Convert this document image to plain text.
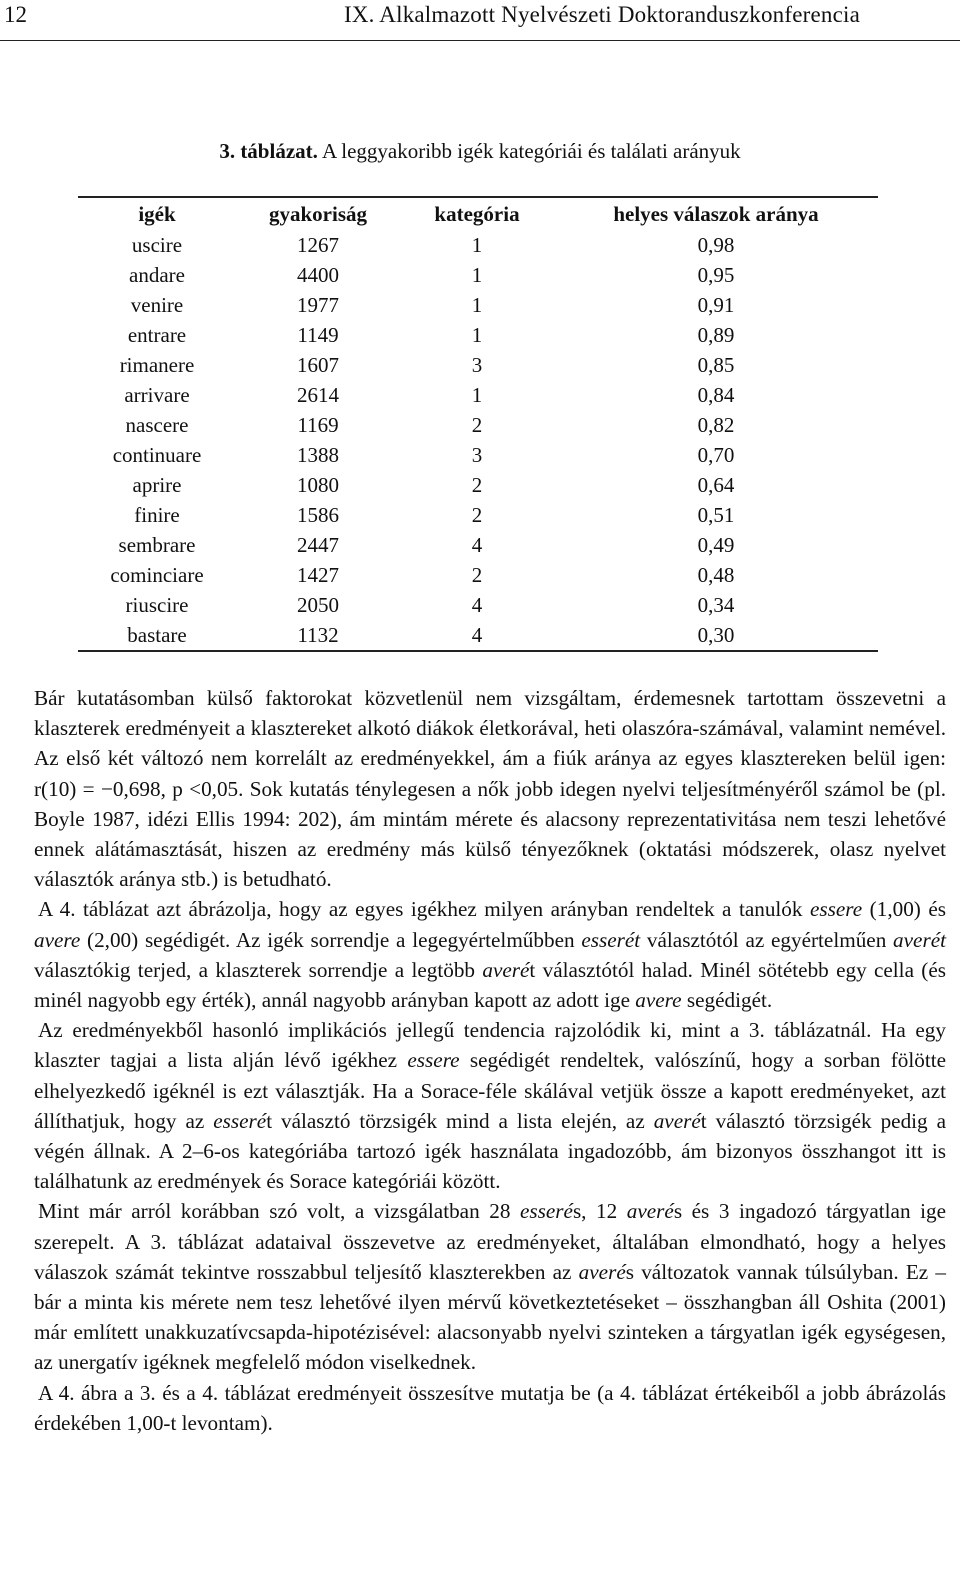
12	IX. Alkalmazott Nyelvészeti Doktoranduszkonferencia
3. táblázat. A leggyakoribb igék kategóriái és találati arányuk
igék	gyakoriság	kategória	helyes válaszok aránya
uscire	1267	1	0,98
andare	4400	1	0,95
venire	1977	1	0,91
entrare	1149	1	0,89
rimanere	1607	3	0,85
arrivare	2614	1	0,84
nascere	1169	2	0,82
continuare	1388	3	0,70
aprire	1080	2	0,64
finire	1586	2	0,51
sembrare	2447	4	0,49
cominciare	1427	2	0,48
riuscire	2050	4	0,34
bastare	1132	4	0,30

Bár kutatásomban külső faktorokat közvetlenül nem vizsgáltam, érdemesnek tartottam összevetni a klaszterek eredményeit a klasztereket alkotó diákok életkorával, heti olaszóra-számával, valamint nemével. Az első két változó nem korrelált az eredményekkel, ám a fiúk aránya az egyes klasztereken belül igen: r(10) = −0,698, p <0,05. Sok kutatás ténylegesen a nők jobb idegen nyelvi teljesítményéről számol be (pl. Boyle 1987, idézi Ellis 1994: 202), ám mintám mérete és alacsony reprezentativitása nem teszi lehetővé ennek alátámasztását, hiszen az eredmény más külső tényezőknek (oktatási módszerek, olasz nyelvet választók aránya stb.) is betudható.

A 4. táblázat azt ábrázolja, hogy az egyes igékhez milyen arányban rendeltek a tanulók essere (1,00) és avere (2,00) segédigét. Az igék sorrendje a legegyértelműbben esserét választótól az egyértelműen averét választókig terjed, a klaszterek sorrendje a legtöbb averét választótól halad. Minél sötétebb egy cella (és minél nagyobb egy érték), annál nagyobb arányban kapott az adott ige avere segédigét.

Az eredményekből hasonló implikációs jellegű tendencia rajzolódik ki, mint a 3. táblázatnál. Ha egy klaszter tagjai a lista alján lévő igékhez essere segédigét rendeltek, valószínű, hogy a sorban fölötte elhelyezkedő igéknél is ezt választják. Ha a Sorace-féle skálával vetjük össze a kapott eredményeket, azt állíthatjuk, hogy az esserét választó törzsigék mind a lista elején, az averét választó törzsigék pedig a végén állnak. A 2–6-os kategóriába tartozó igék használata ingadozóbb, ám bizonyos összhangot itt is találhatunk az eredmények és Sorace kategóriái között.

Mint már arról korábban szó volt, a vizsgálatban 28 esserés, 12 averés és 3 ingadozó tárgyatlan ige szerepelt. A 3. táblázat adataival összevetve az eredményeket, általában elmondható, hogy a helyes válaszok számát tekintve rosszabbul teljesítő klaszterekben az averés változatok vannak túlsúlyban. Ez – bár a minta kis mérete nem tesz lehetővé ilyen mérvű következtetéseket – összhangban áll Oshita (2001) már említett unakkuzatívcsapda-hipotézisével: alacsonyabb nyelvi szinteken a tárgyatlan igék egységesen, az unergatív igéknek megfelelő módon viselkednek.

A 4. ábra a 3. és a 4. táblázat eredményeit összesítve mutatja be (a 4. táblázat értékeiből a jobb ábrázolás érdekében 1,00-t levontam).
